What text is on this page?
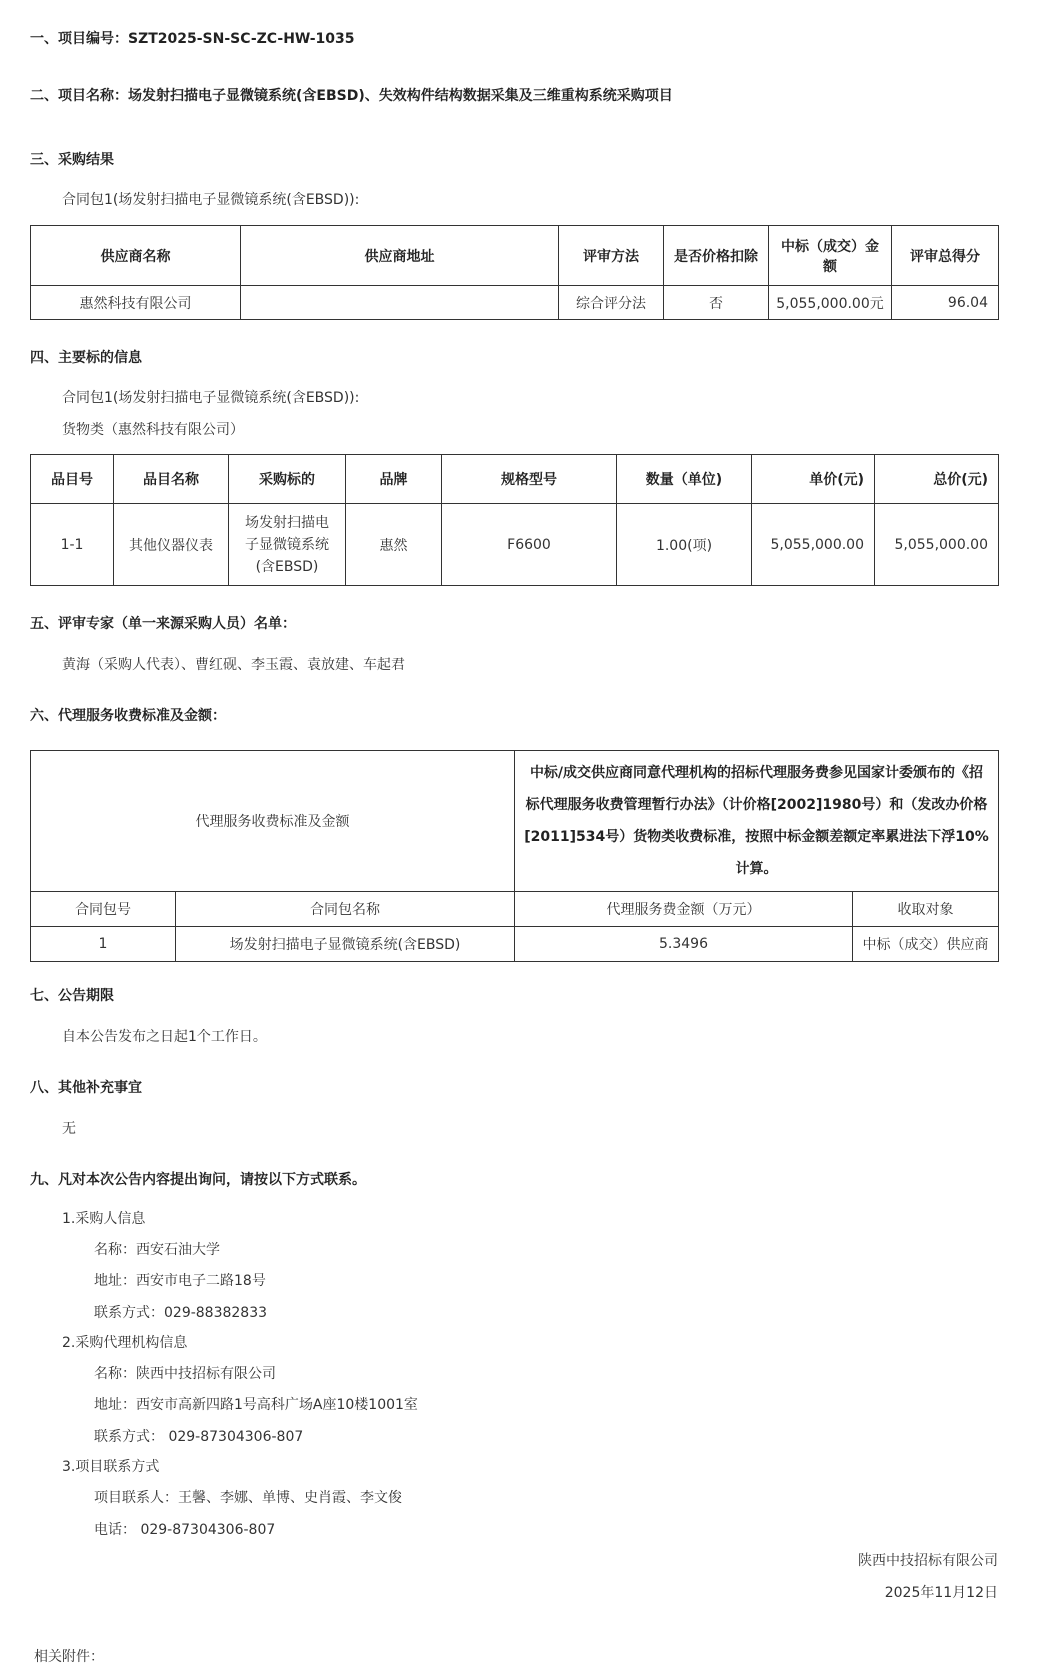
一、项目编号：SZT2025-SN-SC-ZC-HW-1035
二、项目名称：场发射扫描电子显微镜系统(含EBSD)、失效构件结构数据采集及三维重构系统采购项目
三、采购结果
合同包1(场发射扫描电子显微镜系统(含EBSD)):
供应商名称	供应商地址	评审方法	是否价格扣除	中标（成交）金额	评审总得分
惠然科技有限公司		综合评分法	否	5,055,000.00元	96.04
四、主要标的信息
合同包1(场发射扫描电子显微镜系统(含EBSD)):
货物类（惠然科技有限公司）
品目号	品目名称	采购标的	品牌	规格型号	数量（单位)	单价(元)	总价(元)
1-1	其他仪器仪表	场发射扫描电子显微镜系统(含EBSD)	惠然	F6600	1.00(项)	5,055,000.00	5,055,000.00
五、评审专家（单一来源采购人员）名单：
黄海（采购人代表）、曹红砚、李玉霞、袁放建、车起君
六、代理服务收费标准及金额：
代理服务收费标准及金额		中标/成交供应商同意代理机构的招标代理服务费参见国家计委颁布的《招标代理服务收费管理暂行办法》（计价格[2002]1980号）和（发改办价格[2011]534号）货物类收费标准，按照中标金额差额定率累进法下浮10%计算。	
合同包号	合同包名称	代理服务费金额（万元）	收取对象
1	场发射扫描电子显微镜系统(含EBSD)	5.3496	中标（成交）供应商
七、公告期限
自本公告发布之日起1个工作日。
八、其他补充事宜
无
九、凡对本次公告内容提出询问，请按以下方式联系。
1.采购人信息
名称：西安石油大学
地址：西安市电子二路18号
联系方式：029-88382833
2.采购代理机构信息
名称：陕西中技招标有限公司
地址：西安市高新四路1号高科广场A座10楼1001室
联系方式： 029-87304306-807
3.项目联系方式
项目联系人：王馨、李娜、单博、史肖霞、李文俊
电话： 029-87304306-807
陕西中技招标有限公司
2025年11月12日
相关附件：
